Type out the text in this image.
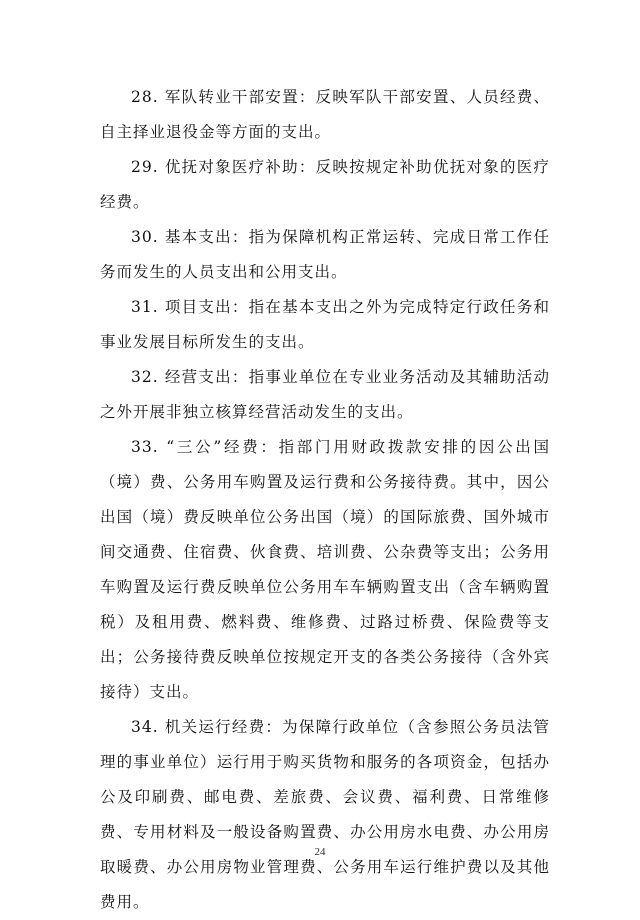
28. 军队转业干部安置：反映军队干部安置、人员经费、自主择业退役金等方面的支出。

29. 优抚对象医疗补助：反映按规定补助优抚对象的医疗经费。

30. 基本支出：指为保障机构正常运转、完成日常工作任务而发生的人员支出和公用支出。

31. 项目支出：指在基本支出之外为完成特定行政任务和事业发展目标所发生的支出。

32. 经营支出：指事业单位在专业业务活动及其辅助活动之外开展非独立核算经营活动发生的支出。

33. “三公”经费：指部门用财政拨款安排的因公出国（境）费、公务用车购置及运行费和公务接待费。其中，因公出国（境）费反映单位公务出国（境）的国际旅费、国外城市间交通费、住宿费、伙食费、培训费、公杂费等支出；公务用车购置及运行费反映单位公务用车车辆购置支出（含车辆购置税）及租用费、燃料费、维修费、过路过桥费、保险费等支出；公务接待费反映单位按规定开支的各类公务接待（含外宾接待）支出。

34. 机关运行经费：为保障行政单位（含参照公务员法管理的事业单位）运行用于购买货物和服务的各项资金，包括办公及印刷费、邮电费、差旅费、会议费、福利费、日常维修费、专用材料及一般设备购置费、办公用房水电费、办公用房取暖费、办公用房物业管理费、公务用车运行维护费以及其他费用。

24
